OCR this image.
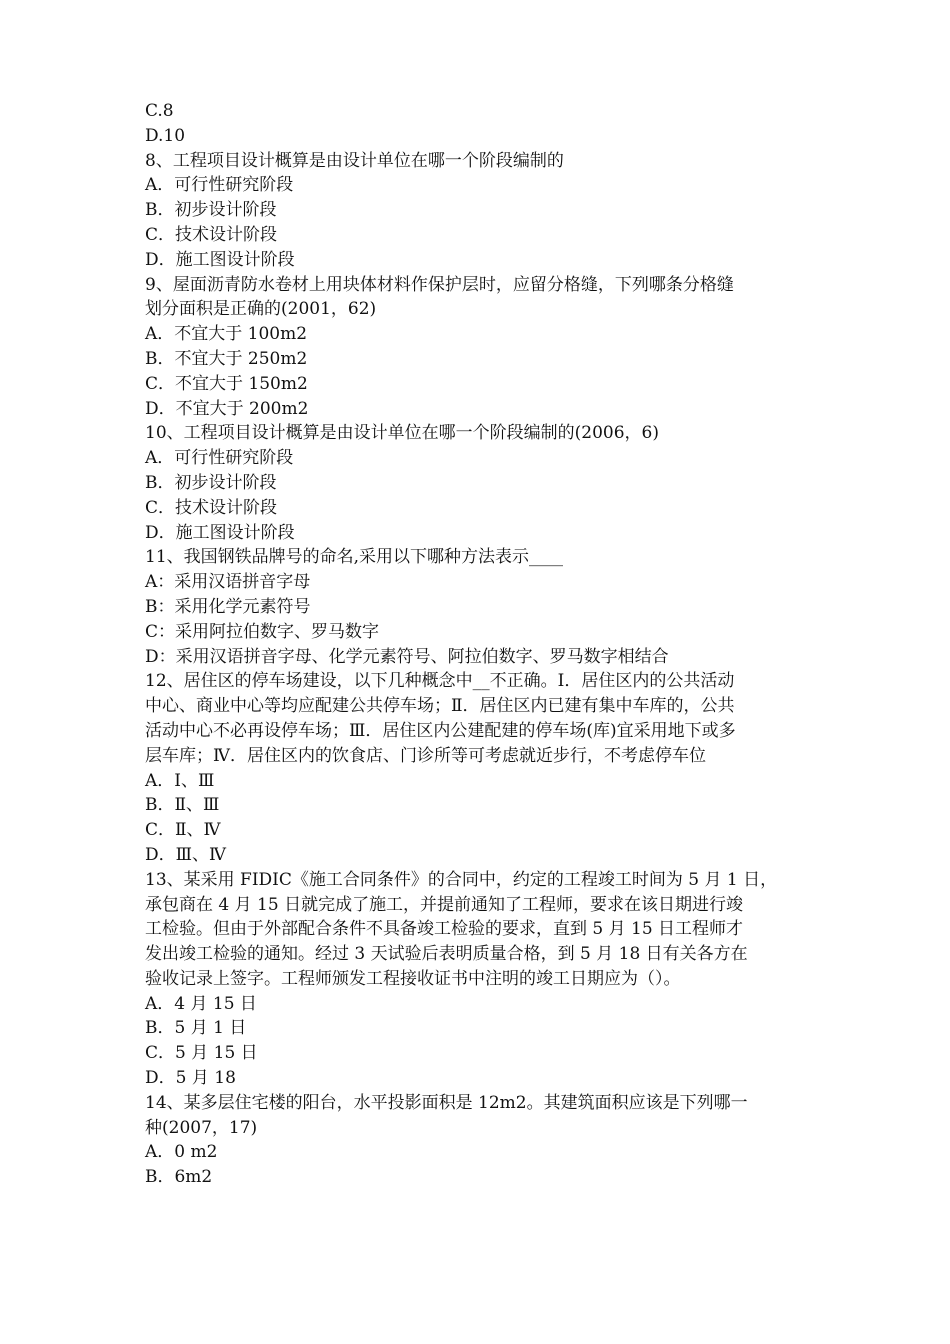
C.8
D.10
8、工程项目设计概算是由设计单位在哪一个阶段编制的
A．可行性研究阶段
B．初步设计阶段
C．技术设计阶段
D．施工图设计阶段
9、屋面沥青防水卷材上用块体材料作保护层时，应留分格缝，下列哪条分格缝
划分面积是正确的(2001，62)
A．不宜大于 100m2
B．不宜大于 250m2
C．不宜大于 150m2
D．不宜大于 200m2
10、工程项目设计概算是由设计单位在哪一个阶段编制的(2006，6)
A．可行性研究阶段
B．初步设计阶段
C．技术设计阶段
D．施工图设计阶段
11、我国钢铁品牌号的命名,采用以下哪种方法表示____
A：采用汉语拼音字母
B：采用化学元素符号
C：采用阿拉伯数字、罗马数字
D：采用汉语拼音字母、化学元素符号、阿拉伯数字、罗马数字相结合
12、居住区的停车场建设，以下几种概念中__不正确。Ⅰ．居住区内的公共活动
中心、商业中心等均应配建公共停车场；Ⅱ．居住区内已建有集中车库的，公共
活动中心不必再设停车场；Ⅲ．居住区内公建配建的停车场(库)宜采用地下或多
层车库；Ⅳ．居住区内的饮食店、门诊所等可考虑就近步行，不考虑停车位
A．Ⅰ、Ⅲ
B．Ⅱ、Ⅲ
C．Ⅱ、Ⅳ
D．Ⅲ、Ⅳ
13、某采用 FIDIC《施工合同条件》的合同中，约定的工程竣工时间为 5 月 1 日，
承包商在 4 月 15 日就完成了施工，并提前通知了工程师，要求在该日期进行竣
工检验。但由于外部配合条件不具备竣工检验的要求，直到 5 月 15 日工程师才
发出竣工检验的通知。经过 3 天试验后表明质量合格，到 5 月 18 日有关各方在
验收记录上签字。工程师颁发工程接收证书中注明的竣工日期应为（）。
A．4 月 15 日
B．5 月 1 日
C．5 月 15 日
D．5 月 18
14、某多层住宅楼的阳台，水平投影面积是 12m2。其建筑面积应该是下列哪一
种(2007，17)
A．0 m2
B．6m2
